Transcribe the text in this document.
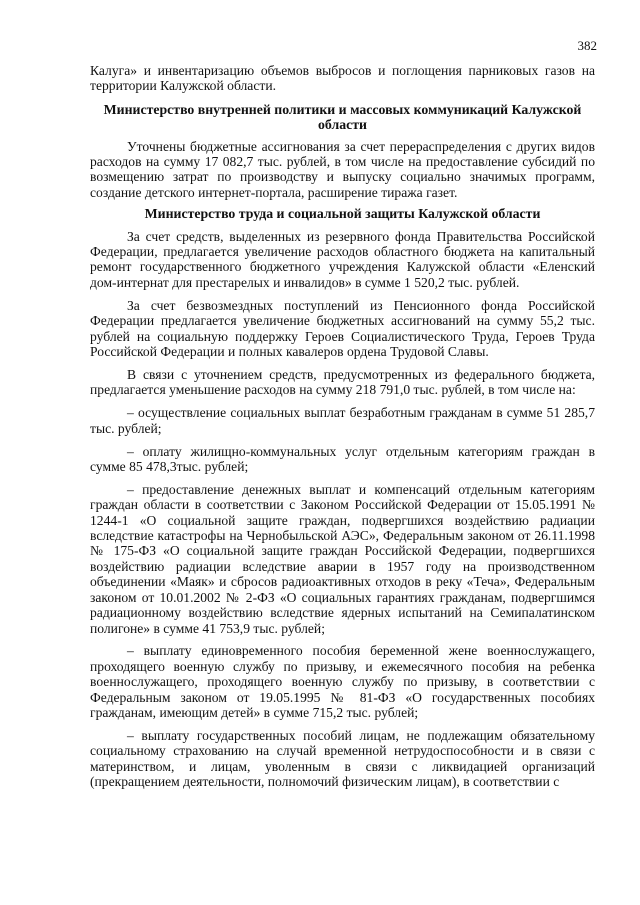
382

Калуга» и инвентаризацию объемов выбросов и поглощения парниковых газов на территории Калужской области.

Министерство внутренней политики и массовых коммуникаций Калужской области

Уточнены бюджетные ассигнования за счет перераспределения с других видов расходов на сумму 17 082,7 тыс. рублей, в том числе на предоставление субсидий по возмещению затрат по производству и выпуску социально значимых программ, создание детского интернет-портала, расширение тиража газет.

Министерство труда и социальной защиты Калужской области

За счет средств, выделенных из резервного фонда Правительства Российской Федерации, предлагается увеличение расходов областного бюджета на капитальный ремонт государственного бюджетного учреждения Калужской области «Еленский дом-интернат для престарелых и инвалидов» в сумме 1 520,2 тыс. рублей.

За счет безвозмездных поступлений из Пенсионного фонда Российской Федерации предлагается увеличение бюджетных ассигнований на сумму 55,2 тыс. рублей на социальную поддержку Героев Социалистического Труда, Героев Труда Российской Федерации и полных кавалеров ордена Трудовой Славы.

В связи с уточнением средств, предусмотренных из федерального бюджета, предлагается уменьшение расходов на сумму 218 791,0 тыс. рублей, в том числе на:

– осуществление социальных выплат безработным гражданам в сумме 51 285,7 тыс. рублей;

– оплату жилищно-коммунальных услуг отдельным категориям граждан в сумме 85 478,3тыс. рублей;

– предоставление денежных выплат и компенсаций отдельным категориям граждан области в соответствии с Законом Российской Федерации от 15.05.1991 № 1244-1 «О социальной защите граждан, подвергшихся воздействию радиации вследствие катастрофы на Чернобыльской АЭС», Федеральным законом от 26.11.1998 № 175-ФЗ «О социальной защите граждан Российской Федерации, подвергшихся воздействию радиации вследствие аварии в 1957 году на производственном объединении «Маяк» и сбросов радиоактивных отходов в реку «Теча», Федеральным законом от 10.01.2002 № 2-ФЗ «О социальных гарантиях гражданам, подвергшимся радиационному воздействию вследствие ядерных испытаний на Семипалатинском полигоне» в сумме 41 753,9 тыс. рублей;

– выплату единовременного пособия беременной жене военнослужащего, проходящего военную службу по призыву, и ежемесячного пособия на ребенка военнослужащего, проходящего военную службу по призыву, в соответствии с Федеральным законом от 19.05.1995 № 81-ФЗ «О государственных пособиях гражданам, имеющим детей» в сумме 715,2 тыс. рублей;

– выплату государственных пособий лицам, не подлежащим обязательному социальному страхованию на случай временной нетрудоспособности и в связи с материнством, и лицам, уволенным в связи с ликвидацией организаций (прекращением деятельности, полномочий физическим лицам), в соответствии с
